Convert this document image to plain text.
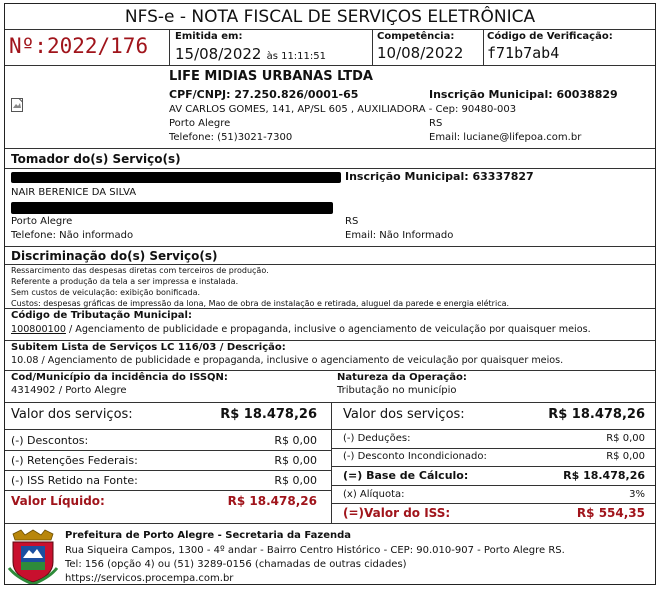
NFS-e - NOTA FISCAL DE SERVIÇOS ELETRÔNICA
Nº:2022/176	Emitida em:
15/08/2022 às 11:11:51
Competência:
10/08/2022
Código de Verificação:
f71b7ab4
LIFE MIDIAS URBANAS LTDA
CPF/CNPJ: 27.250.826/0001-65	Inscrição Municipal: 60038829
AV CARLOS GOMES, 141, AP/SL 605 , AUXILIADORA - Cep: 90480-003
Porto Alegre	RS
Telefone: (51)3021-7300	Email: luciane@lifepoa.com.br
Tomador do(s) Serviço(s)
Inscrição Municipal: 63337827
NAIR BERENICE DA SILVA
Porto Alegre	RS
Telefone: Não informado	Email: Não Informado
Discriminação do(s) Serviço(s)
Ressarcimento das despesas diretas com terceiros de produção.
Referente a produção da tela a ser impressa e instalada.
Sem custos de veiculação: exibição bonificada.
Custos: despesas gráficas de impressão da lona, Mao de obra de instalação e retirada, aluguel da parede e energia elétrica.
Código de Tributação Municipal:
100800100 / Agenciamento de publicidade e propaganda, inclusive o agenciamento de veiculação por quaisquer meios.
Subitem Lista de Serviços LC 116/03 / Descrição:
10.08 / Agenciamento de publicidade e propaganda, inclusive o agenciamento de veiculação por quaisquer meios.
Cod/Município da incidência do ISSQN:
4314902 / Porto Alegre
Natureza da Operação:
Tributação no município
Valor dos serviços:	R$ 18.478,26
(-) Descontos:	R$ 0,00
(-) Retenções Federais:	R$ 0,00
(-) ISS Retido na Fonte:	R$ 0,00
Valor Líquido:	R$ 18.478,26
Valor dos serviços:	R$ 18.478,26
(-) Deduções:	R$ 0,00
(-) Desconto Incondicionado:	R$ 0,00
(=) Base de Cálculo:	R$ 18.478,26
(x) Alíquota:	3%
(=)Valor do ISS:	R$ 554,35
Prefeitura de Porto Alegre - Secretaria da Fazenda
Rua Siqueira Campos, 1300 - 4º andar - Bairro Centro Histórico - CEP: 90.010-907 - Porto Alegre RS.
Tel: 156 (opção 4) ou (51) 3289-0156 (chamadas de outras cidades)
https://servicos.procempa.com.br
